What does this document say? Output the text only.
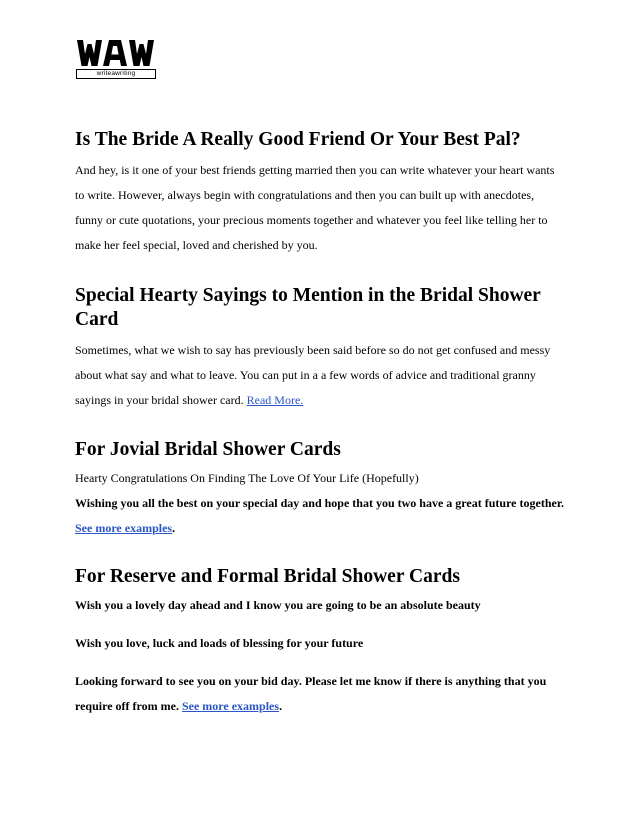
writeawriting
Is The Bride A Really Good Friend Or Your Best Pal?

And hey, is it one of your best friends getting married then you can write whatever your heart wants to write. However, always begin with congratulations and then you can built up with anecdotes, funny or cute quotations, your precious moments together and whatever you feel like telling her to make her feel special, loved and cherished by you.

Special Hearty Sayings to Mention in the Bridal Shower Card

Sometimes, what we wish to say has previously been said before so do not get confused and messy about what say and what to leave. You can put in a a few words of advice and traditional granny sayings in your bridal shower card. Read More.

For Jovial Bridal Shower Cards

Hearty Congratulations On Finding The Love Of Your Life (Hopefully)

Wishing you all the best on your special day and hope that you two have a great future together. See more examples.

For Reserve and Formal Bridal Shower Cards

Wish you a lovely day ahead and I know you are going to be an absolute beauty

Wish you love, luck and loads of blessing for your future

Looking forward to see you on your bid day. Please let me know if there is anything that you require off from me. See more examples.
